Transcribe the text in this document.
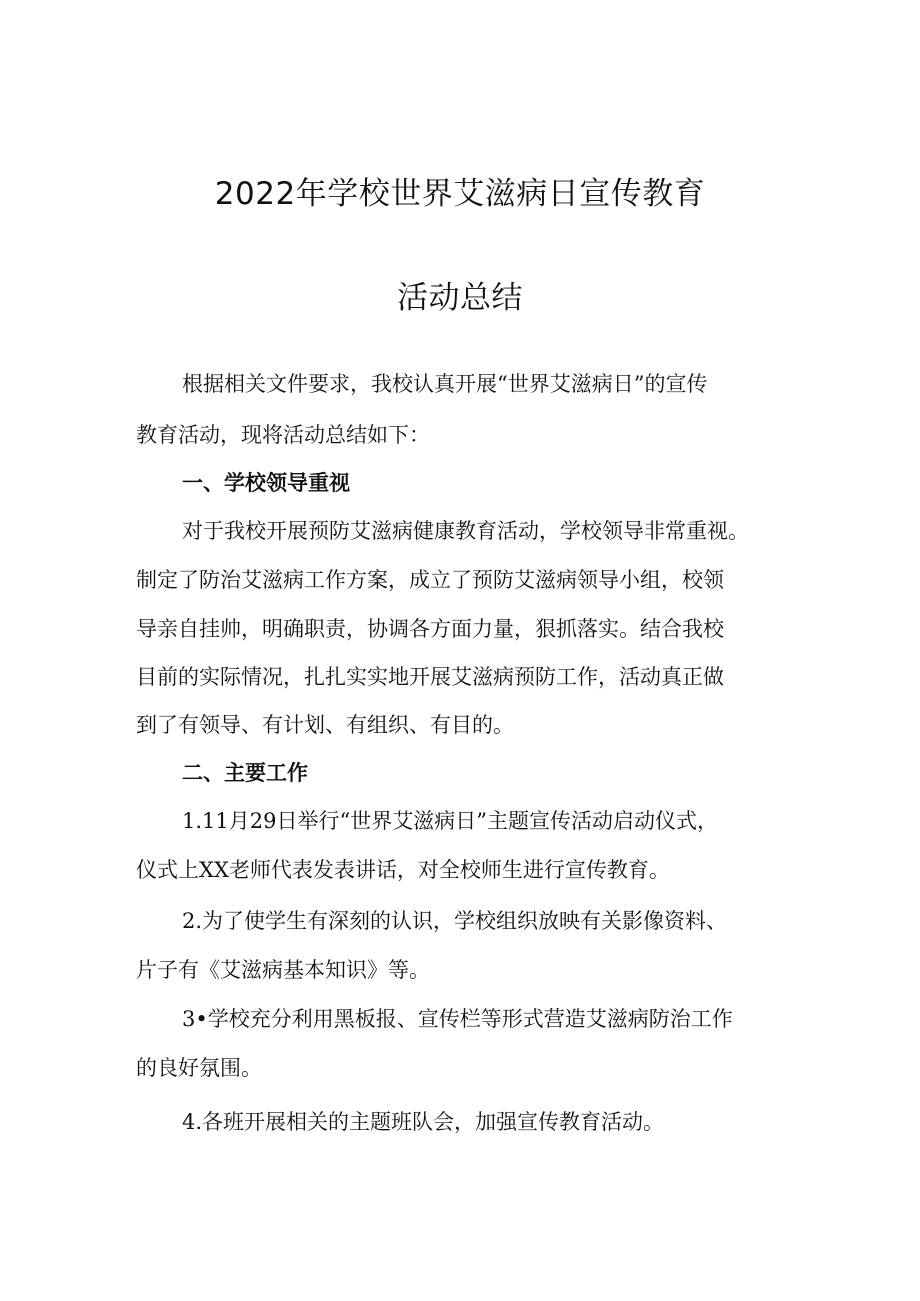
2022年学校世界艾滋病日宣传教育
活动总结
根据相关文件要求，我校认真开展“世界艾滋病日”的宣传
教育活动，现将活动总结如下：
一、学校领导重视
对于我校开展预防艾滋病健康教育活动，学校领导非常重视。
制定了防治艾滋病工作方案，成立了预防艾滋病领导小组，校领
导亲自挂帅，明确职责，协调各方面力量，狠抓落实。结合我校
目前的实际情况，扎扎实实地开展艾滋病预防工作，活动真正做
到了有领导、有计划、有组织、有目的。
二、主要工作
1.11月29日举行“世界艾滋病日”主题宣传活动启动仪式，
仪式上XX老师代表发表讲话，对全校师生进行宣传教育。
2.为了使学生有深刻的认识，学校组织放映有关影像资料、
片子有《艾滋病基本知识》等。
3•学校充分利用黑板报、宣传栏等形式营造艾滋病防治工作
的良好氛围。
4.各班开展相关的主题班队会，加强宣传教育活动。
